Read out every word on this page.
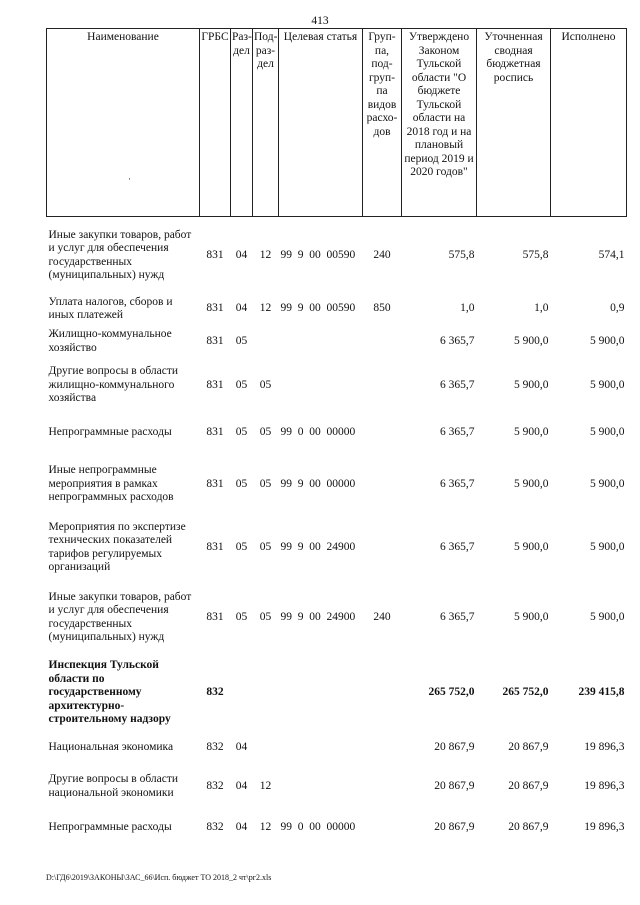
413
Наименование	ГРБС	Раз-дел	Под-раз-дел	Целевая статья	Груп-па, под-груп-па видов расхо-дов	Утверждено Законом Тульской области "О бюджете Тульской области на 2018 год и на плановый период 2019 и 2020 годов"	Уточненная сводная бюджетная роспись	Исполнено
Иные закупки товаров, работ и услуг для обеспечения государственных (муниципальных) нужд	831	04	12	99  9  00  00590	240	575,8	575,8	574,1
Уплата налогов, сборов и иных платежей	831	04	12	99  9  00  00590	850	1,0	1,0	0,9
Жилищно-коммунальное хозяйство	831	05				6 365,7	5 900,0	5 900,0
Другие вопросы в области жилищно-коммунального хозяйства	831	05	05			6 365,7	5 900,0	5 900,0
Непрограммные расходы	831	05	05	99  0  00  00000		6 365,7	5 900,0	5 900,0
Иные непрограммные мероприятия в рамках непрограммных расходов	831	05	05	99  9  00  00000		6 365,7	5 900,0	5 900,0
Мероприятия по экспертизе технических показателей тарифов регулируемых организаций	831	05	05	99  9  00  24900		6 365,7	5 900,0	5 900,0
Иные закупки товаров, работ и услуг для обеспечения государственных (муниципальных) нужд	831	05	05	99  9  00  24900	240	6 365,7	5 900,0	5 900,0
Инспекция Тульской области по государственному архитектурно-строительному надзору	832					265 752,0	265 752,0	239 415,8
Национальная экономика	832	04				20 867,9	20 867,9	19 896,3
Другие вопросы в области национальной экономики	832	04	12			20 867,9	20 867,9	19 896,3
Непрограммные расходы	832	04	12	99  0  00  00000		20 867,9	20 867,9	19 896,3
·
D:\ГД6\2019\ЗАКОНЫ\ЗАС_66\Исп. бюджет ТО 2018_2 чт\рг2.xls
